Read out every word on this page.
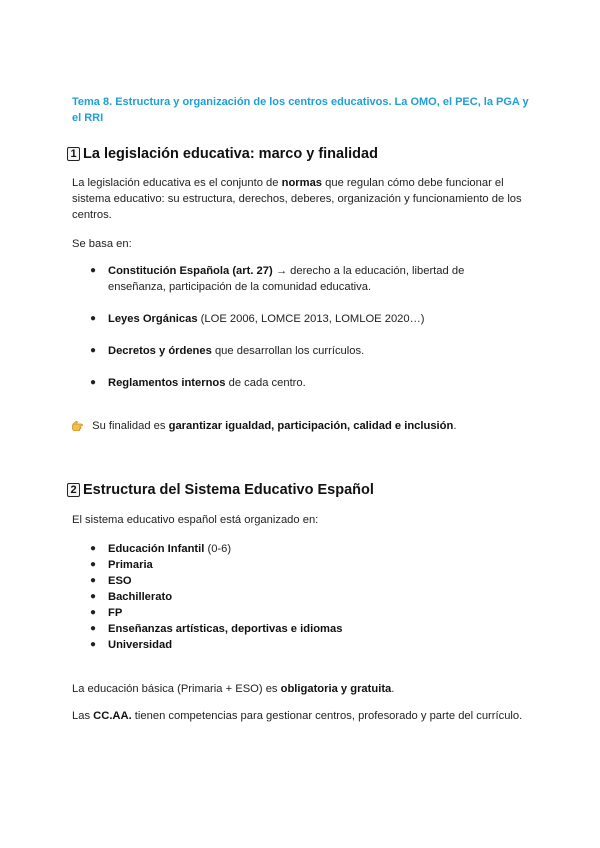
Tema 8. Estructura y organización de los centros educativos. La OMO, el PEC, la PGA y el RRI
1 La legislación educativa: marco y finalidad
La legislación educativa es el conjunto de normas que regulan cómo debe funcionar el sistema educativo: su estructura, derechos, deberes, organización y funcionamiento de los centros.
Se basa en:
●	Constitución Española (art. 27) → derecho a la educación, libertad de enseñanza, participación de la comunidad educativa.
●	Leyes Orgánicas (LOE 2006, LOMCE 2013, LOMLOE 2020…)
●	Decretos y órdenes que desarrollan los currículos.
●	Reglamentos internos de cada centro.
Su finalidad es garantizar igualdad, participación, calidad e inclusión.
2 Estructura del Sistema Educativo Español
El sistema educativo español está organizado en:
●	Educación Infantil (0-6)
●	Primaria
●	ESO
●	Bachillerato
●	FP
●	Enseñanzas artísticas, deportivas e idiomas
●	Universidad
La educación básica (Primaria + ESO) es obligatoria y gratuita.
Las CC.AA. tienen competencias para gestionar centros, profesorado y parte del currículo.
